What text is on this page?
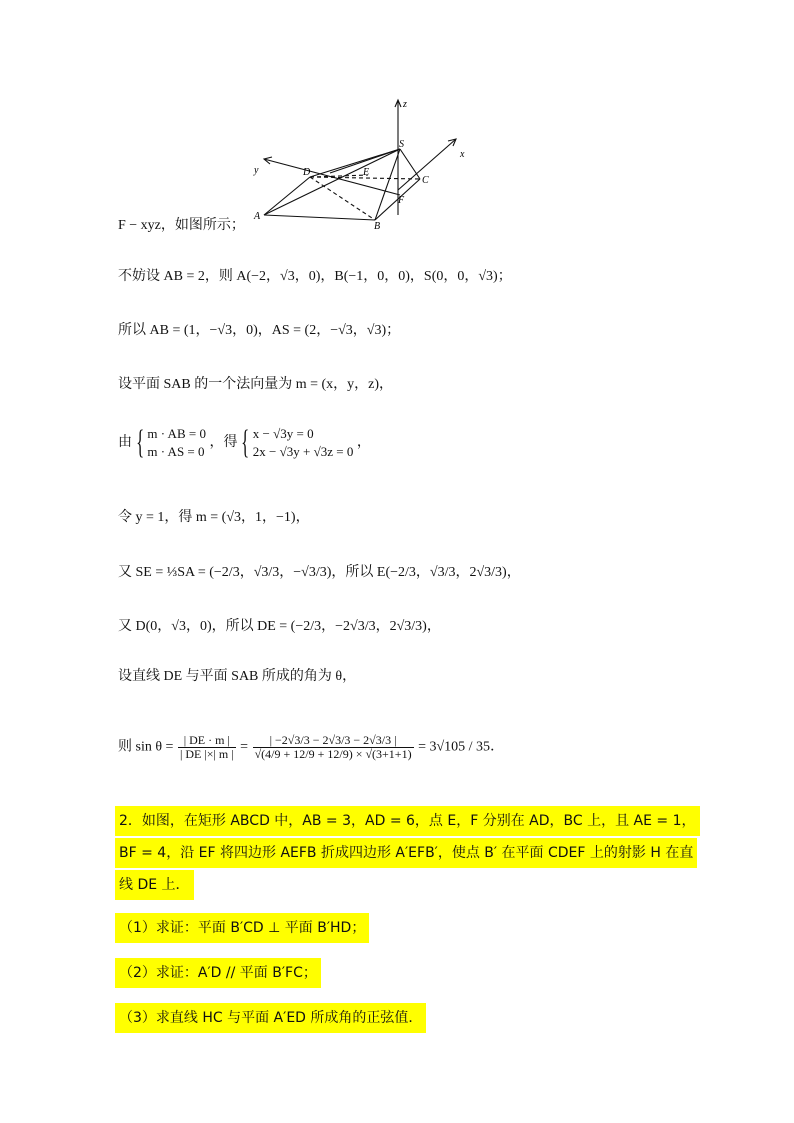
z
y
x
S
D	E
C
F
A
B
F − xyz，如图所示；
不妨设 AB = 2，则 A(−2，√3，0)，B(−1，0，0)，S(0，0，√3)；
所以 AB = (1，−√3，0)，AS = (2，−√3，√3)；
设平面 SAB 的一个法向量为 m = (x，y，z)，
由 { m · AB = 0
m · AS = 0
，得 { x − √3y = 0
2x − √3y + √3z = 0
，
令 y = 1，得 m = (√3，1，−1)，
又 SE = ⅓SA = (−2/3，√3/3，−√3/3)，所以 E(−2/3，√3/3，2√3/3)，
又 D(0，√3，0)，所以 DE = (−2/3，−2√3/3，2√3/3)，
设直线 DE 与平面 SAB 所成的角为 θ，
则 $\sin \theta = \frac{| DE \cdot m |}{| DE |\times| m |} = \frac{| -2√3/3 - 2√3/3 - 2√3/3 |}{√(4/9 + 12/9 + 12/9) \times √(3+1+1)} = 3√105 / 35$．
2．如图，在矩形 ABCD 中，AB = 3，AD = 6，点 E，F 分别在 AD，BC 上，且 AE = 1，
BF = 4，沿 EF 将四边形 AEFB 折成四边形 A′EFB′，使点 B′ 在平面 CDEF 上的射影 H 在直
线 DE 上．
（1）求证：平面 B′CD ⊥ 平面 B′HD；
（2）求证：A′D // 平面 B′FC；
（3）求直线 HC 与平面 A′ED 所成角的正弦值．
